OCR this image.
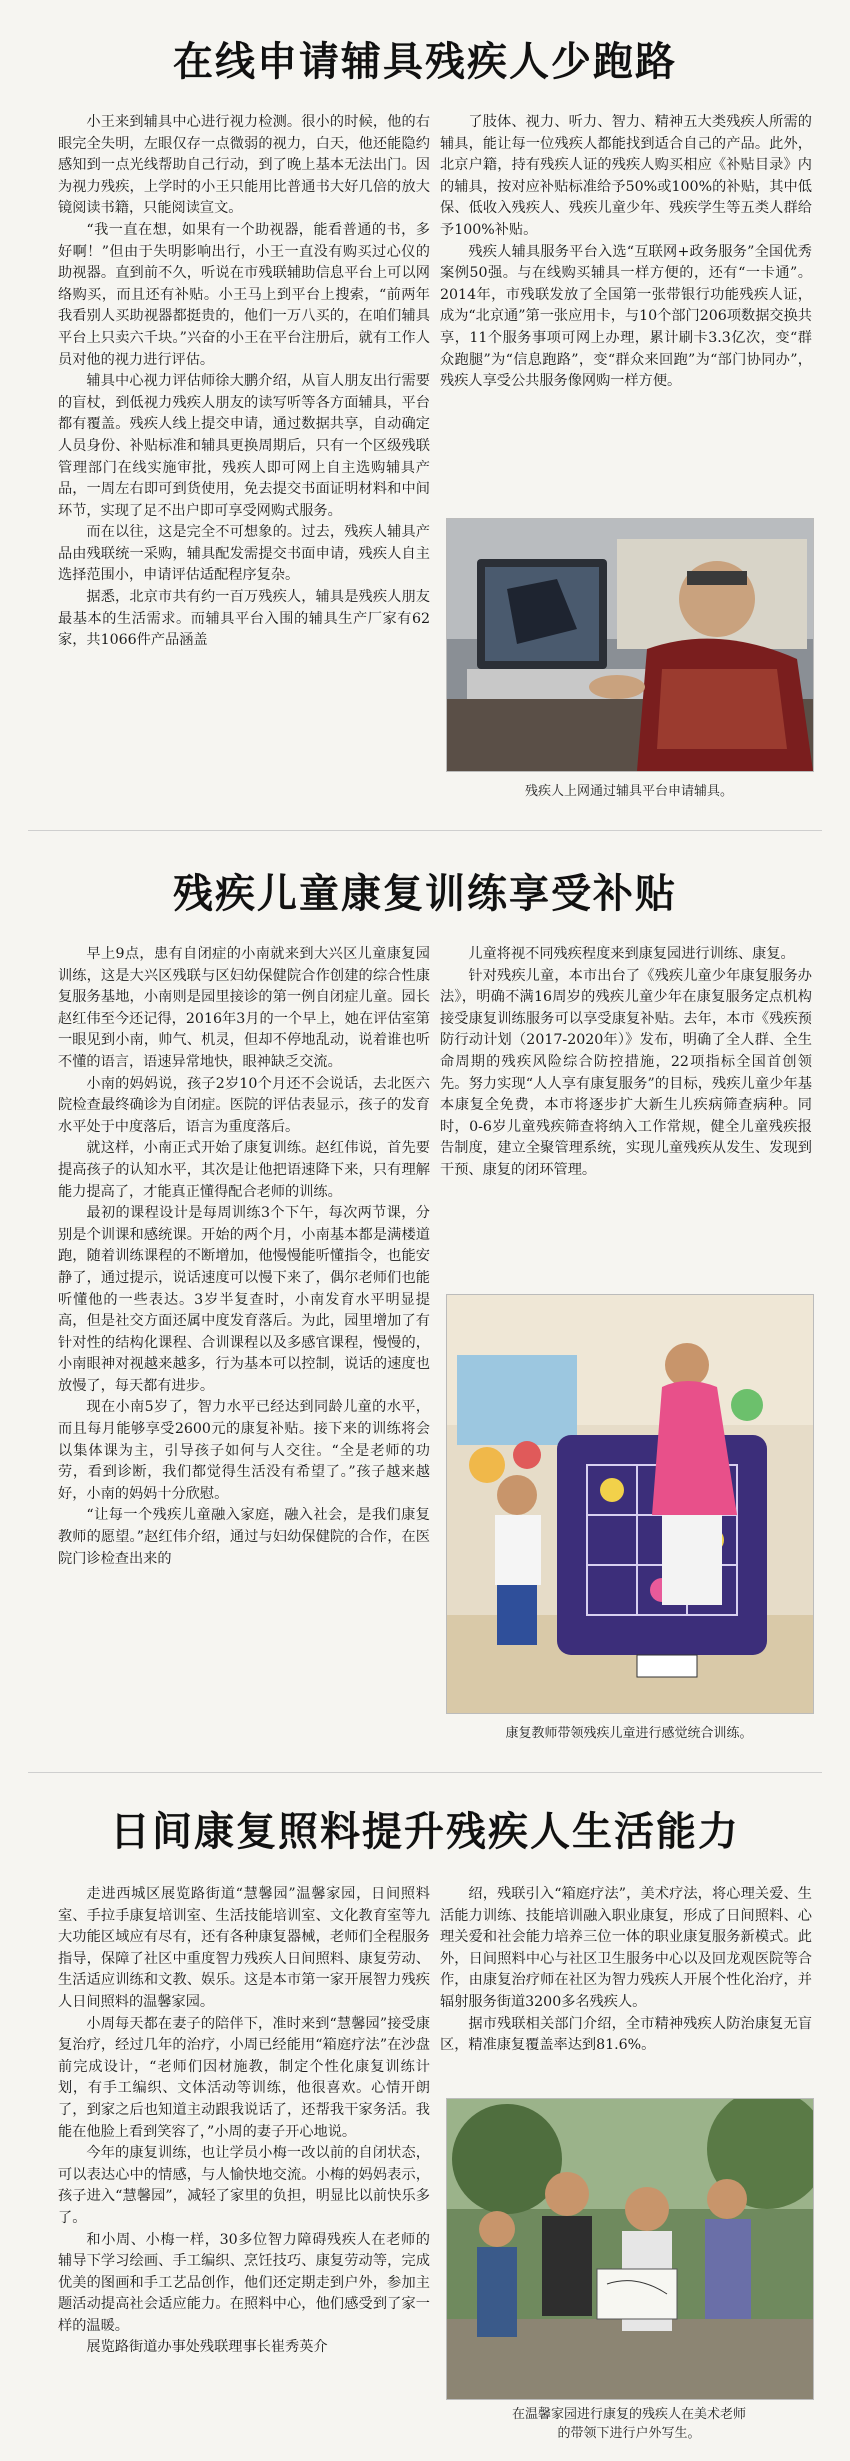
在线申请辅具残疾人少跑路

小王来到辅具中心进行视力检测。很小的时候，他的右眼完全失明，左眼仅存一点微弱的视力，白天，他还能隐约感知到一点光线帮助自己行动，到了晚上基本无法出门。因为视力残疾，上学时的小王只能用比普通书大好几倍的放大镜阅读书籍，只能阅读宣文。

“我一直在想，如果有一个助视器，能看普通的书，多好啊！”但由于失明影响出行，小王一直没有购买过心仪的助视器。直到前不久，听说在市残联辅助信息平台上可以网络购买，而且还有补贴。小王马上到平台上搜索，“前两年我看别人买助视器都挺贵的，他们一万八买的，在咱们辅具平台上只卖六千块。”兴奋的小王在平台注册后，就有工作人员对他的视力进行评估。

辅具中心视力评估师徐大鹏介绍，从盲人朋友出行需要的盲杖，到低视力残疾人朋友的读写听等各方面辅具，平台都有覆盖。残疾人线上提交申请，通过数据共享，自动确定人员身份、补贴标准和辅具更换周期后，只有一个区级残联管理部门在线实施审批，残疾人即可网上自主选购辅具产品，一周左右即可到货使用，免去提交书面证明材料和中间环节，实现了足不出户即可享受网购式服务。

而在以往，这是完全不可想象的。过去，残疾人辅具产品由残联统一采购，辅具配发需提交书面申请，残疾人自主选择范围小，申请评估适配程序复杂。

据悉，北京市共有约一百万残疾人，辅具是残疾人朋友最基本的生活需求。而辅具平台入围的辅具生产厂家有62家，共1066件产品涵盖

了肢体、视力、听力、智力、精神五大类残疾人所需的辅具，能让每一位残疾人都能找到适合自己的产品。此外，北京户籍，持有残疾人证的残疾人购买相应《补贴目录》内的辅具，按对应补贴标准给予50%或100%的补贴，其中低保、低收入残疾人、残疾儿童少年、残疾学生等五类人群给予100%补贴。

残疾人辅具服务平台入选“互联网+政务服务”全国优秀案例50强。与在线购买辅具一样方便的，还有“一卡通”。2014年，市残联发放了全国第一张带银行功能残疾人证，成为“北京通”第一张应用卡，与10个部门206项数据交换共享，11个服务事项可网上办理，累计刷卡3.3亿次，变“群众跑腿”为“信息跑路”，变“群众来回跑”为“部门协同办”，残疾人享受公共服务像网购一样方便。

残疾人上网通过辅具平台申请辅具。
残疾儿童康复训练享受补贴

早上9点，患有自闭症的小南就来到大兴区儿童康复园训练，这是大兴区残联与区妇幼保健院合作创建的综合性康复服务基地，小南则是园里接诊的第一例自闭症儿童。园长赵红伟至今还记得，2016年3月的一个早上，她在评估室第一眼见到小南，帅气、机灵，但却不停地乱动，说着谁也听不懂的语言，语速异常地快，眼神缺乏交流。

小南的妈妈说，孩子2岁10个月还不会说话，去北医六院检查最终确诊为自闭症。医院的评估表显示，孩子的发育水平处于中度落后，语言为重度落后。

就这样，小南正式开始了康复训练。赵红伟说，首先要提高孩子的认知水平，其次是让他把语速降下来，只有理解能力提高了，才能真正懂得配合老师的训练。

最初的课程设计是每周训练3个下午，每次两节课，分别是个训课和感统课。开始的两个月，小南基本都是满楼道跑，随着训练课程的不断增加，他慢慢能听懂指令，也能安静了，通过提示，说话速度可以慢下来了，偶尔老师们也能听懂他的一些表达。3岁半复查时，小南发育水平明显提高，但是社交方面还属中度发育落后。为此，园里增加了有针对性的结构化课程、合训课程以及多感官课程，慢慢的，小南眼神对视越来越多，行为基本可以控制，说话的速度也放慢了，每天都有进步。

现在小南5岁了，智力水平已经达到同龄儿童的水平，而且每月能够享受2600元的康复补贴。接下来的训练将会以集体课为主，引导孩子如何与人交往。“全是老师的功劳，看到诊断，我们都觉得生活没有希望了。”孩子越来越好，小南的妈妈十分欣慰。

“让每一个残疾儿童融入家庭，融入社会，是我们康复教师的愿望。”赵红伟介绍，通过与妇幼保健院的合作，在医院门诊检查出来的

儿童将视不同残疾程度来到康复园进行训练、康复。

针对残疾儿童，本市出台了《残疾儿童少年康复服务办法》，明确不满16周岁的残疾儿童少年在康复服务定点机构接受康复训练服务可以享受康复补贴。去年，本市《残疾预防行动计划（2017-2020年）》发布，明确了全人群、全生命周期的残疾风险综合防控措施，22项指标全国首创领先。努力实现“人人享有康复服务”的目标，残疾儿童少年基本康复全免费，本市将逐步扩大新生儿疾病筛查病种。同时，0-6岁儿童残疾筛查将纳入工作常规，健全儿童残疾报告制度，建立全聚管理系统，实现儿童残疾从发生、发现到干预、康复的闭环管理。

康复教师带领残疾儿童进行感觉统合训练。
日间康复照料提升残疾人生活能力

走进西城区展览路街道“慧馨园”温馨家园，日间照料室、手拉手康复培训室、生活技能培训室、文化教育室等九大功能区域应有尽有，还有各种康复器械，老师们全程服务指导，保障了社区中重度智力残疾人日间照料、康复劳动、生活适应训练和文教、娱乐。这是本市第一家开展智力残疾人日间照料的温馨家园。

小周每天都在妻子的陪伴下，准时来到“慧馨园”接受康复治疗，经过几年的治疗，小周已经能用“箱庭疗法”在沙盘前完成设计，“老师们因材施教，制定个性化康复训练计划，有手工编织、文体活动等训练，他很喜欢。心情开朗了，到家之后也知道主动跟我说话了，还帮我干家务活。我能在他脸上看到笑容了，”小周的妻子开心地说。

今年的康复训练，也让学员小梅一改以前的自闭状态，可以表达心中的情感，与人愉快地交流。小梅的妈妈表示，孩子进入“慧馨园”，减轻了家里的负担，明显比以前快乐多了。

和小周、小梅一样，30多位智力障碍残疾人在老师的辅导下学习绘画、手工编织、烹饪技巧、康复劳动等，完成优美的图画和手工艺品创作，他们还定期走到户外，参加主题活动提高社会适应能力。在照料中心，他们感受到了家一样的温暖。

展览路街道办事处残联理事长崔秀英介

绍，残联引入“箱庭疗法”，美术疗法，将心理关爱、生活能力训练、技能培训融入职业康复，形成了日间照料、心理关爱和社会能力培养三位一体的职业康复服务新模式。此外，日间照料中心与社区卫生服务中心以及回龙观医院等合作，由康复治疗师在社区为智力残疾人开展个性化治疗，并辐射服务街道3200多名残疾人。

据市残联相关部门介绍，全市精神残疾人防治康复无盲区，精准康复覆盖率达到81.6%。

在温馨家园进行康复的残疾人在美术老师
的带领下进行户外写生。
